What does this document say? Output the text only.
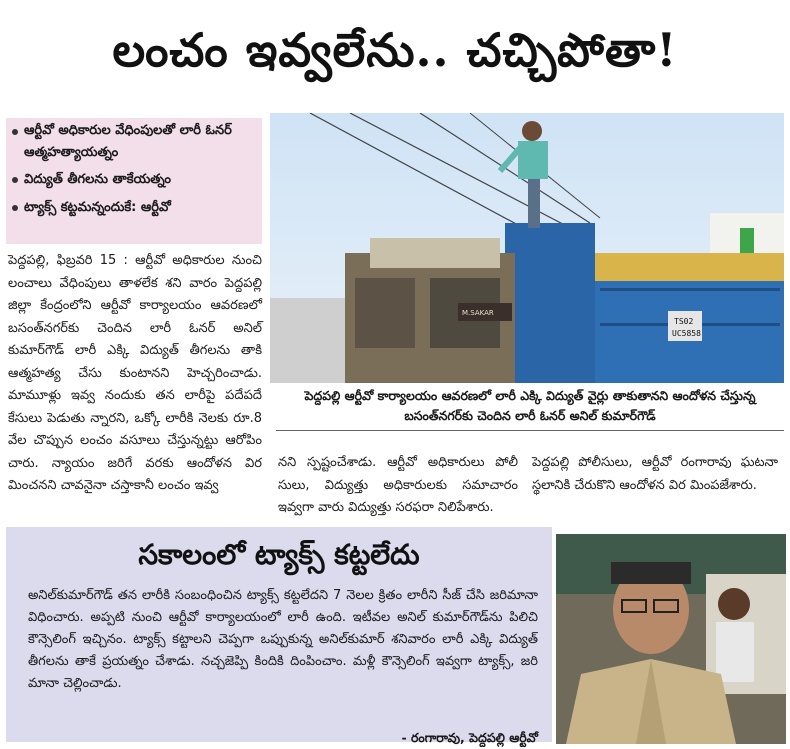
లంచం ఇవ్వలేను.. చచ్చిపోతా!
ఆర్టీవో అధికారుల వేధింపులతో లారీ ఓనర్ ఆత్మహత్యాయత్నం
విద్యుత్ తీగలను తాకేయత్నం
ట్యాక్స్ కట్టమన్నందుకే: ఆర్టీవో
పెద్దపల్లి, ఫిబ్రవరి 15 : ఆర్టీవో అధికారుల నుంచి లంచాలు వేధింపులు తాళలేక శని వారం పెద్దపల్లి జిల్లా కేంద్రంలోని ఆర్టీవో కార్యాలయం ఆవరణలో బసంత్‌నగర్‌కు చెందిన లారీ ఓనర్ అనిల్ కుమార్‌గౌడ్ లారీ ఎక్కి విద్యుత్ తీగలను తాకి ఆత్మహత్య చేసు కుంటానని హెచ్చరించాడు. మామూళ్లు ఇవ్వ నందుకు తన లారీపై పదేపదే కేసులు పెడుతు న్నారని, ఒక్కో లారీకి నెలకు రూ.8 వేల చొప్పున లంచం వసూలు చేస్తున్నట్టు ఆరోపిం చారు. న్యాయం జరిగే వరకు ఆందోళన విర మించనని చావనైనా చస్తాకానీ లంచం ఇవ్వ
TS02
UC5858
M.SAKAR
పెద్దపల్లి ఆర్టీవో కార్యాలయం ఆవరణలో లారీ ఎక్కి విద్యుత్ వైర్లు తాకుతానని ఆందోళన చేస్తున్న బసంత్‌నగర్‌కు చెందిన లారీ ఓనర్ అనిల్ కుమార్‌గౌడ్
నని స్పష్టంచేశాడు. ఆర్టీవో అధికారులు పోలీ సులు, విద్యుత్తు అధికారులకు సమాచారం ఇవ్వగా వారు విద్యుత్తు సరఫరా నిలిపేశారు.
పెద్దపల్లి పోలీసులు, ఆర్టీవో రంగారావు ఘటనా స్థలానికి చేరుకొని ఆందోళన విర మింపజేశారు.
సకాలంలో ట్యాక్స్ కట్టలేదు
అనిల్‌కుమార్‌గౌడ్ తన లారీకి సంబంధించిన ట్యాక్స్ కట్టలేదని 7 నెలల క్రితం లారీని సీజ్ చేసి జరిమానా విధించారు. అప్పటి నుంచి ఆర్టీవో కార్యాలయంలో లారీ ఉంది. ఇటీవల అనిల్ కుమార్‌గౌడ్‌ను పిలిచి కౌన్సెలింగ్ ఇచ్చినం. ట్యాక్స్ కట్టాలని చెప్పగా ఒప్పుకున్న అనిల్‌కుమార్ శనివారం లారీ ఎక్కి విద్యుత్ తీగలను తాకే ప్రయత్నం చేశాడు. నచ్చజెప్పి కిందికి దింపించాం. మళ్లీ కౌన్సెలింగ్ ఇవ్వగా ట్యాక్స్, జరి మానా చెల్లించాడు.
- రంగారావు, పెద్దపల్లి ఆర్టీవో
